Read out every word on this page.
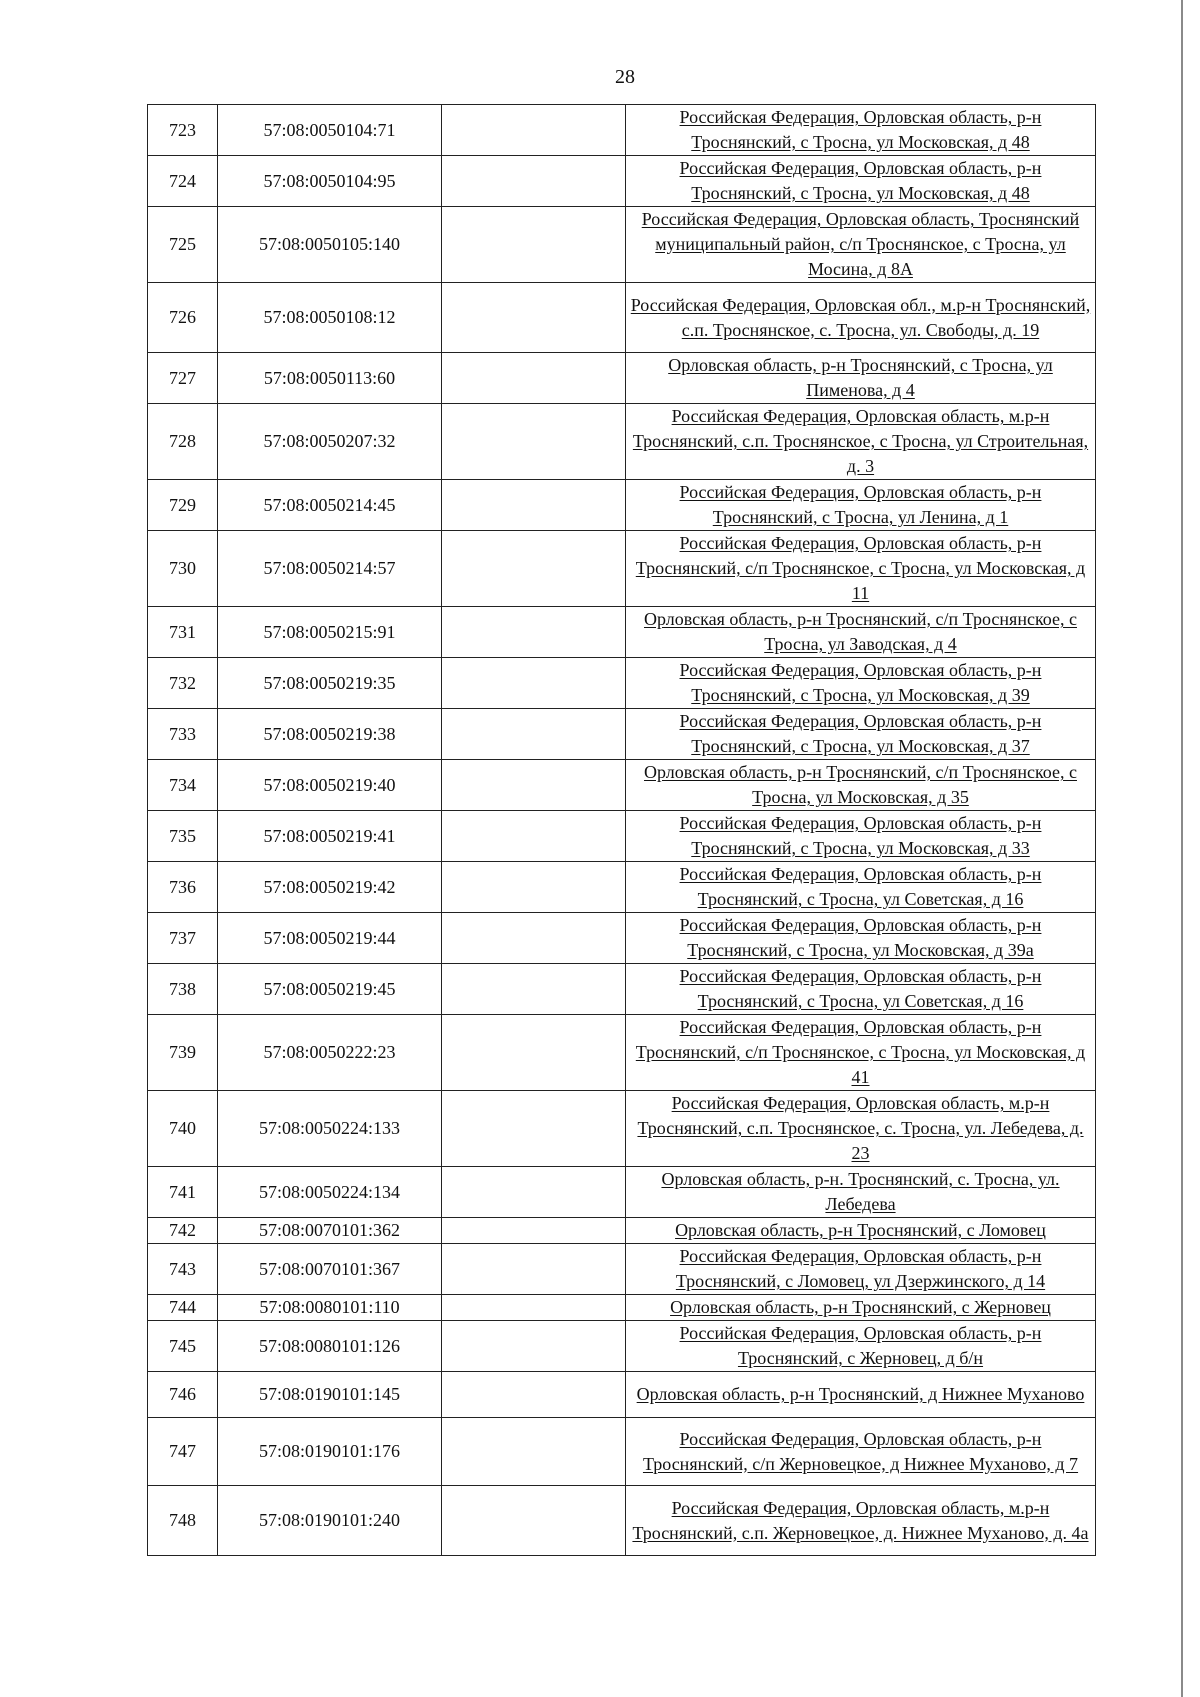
28
723	57:08:0050104:71		Российская Федерация, Орловская область, р-н Троснянский, с Тросна, ул Московская, д 48
724	57:08:0050104:95		Российская Федерация, Орловская область, р-н Троснянский, с Тросна, ул Московская, д 48
725	57:08:0050105:140		Российская Федерация, Орловская область, Троснянский муниципальный район, с/п Троснянское, с Тросна, ул Мосина, д 8А
726	57:08:0050108:12		Российская Федерация, Орловская обл., м.р-н Троснянский, с.п. Троснянское, с. Тросна, ул. Свободы, д. 19
727	57:08:0050113:60		Орловская область, р-н Троснянский, с Тросна, ул Пименова, д 4
728	57:08:0050207:32		Российская Федерация, Орловская область, м.р-н Троснянский, с.п. Троснянское, с Тросна, ул Строительная, д. 3
729	57:08:0050214:45		Российская Федерация, Орловская область, р-н Троснянский, с Тросна, ул Ленина, д 1
730	57:08:0050214:57		Российская Федерация, Орловская область, р-н Троснянский, с/п Троснянское, с Тросна, ул Московская, д 11
731	57:08:0050215:91		Орловская область, р-н Троснянский, с/п Троснянское, с Тросна, ул Заводская, д 4
732	57:08:0050219:35		Российская Федерация, Орловская область, р-н Троснянский, с Тросна, ул Московская, д 39
733	57:08:0050219:38		Российская Федерация, Орловская область, р-н Троснянский, с Тросна, ул Московская, д 37
734	57:08:0050219:40		Орловская область, р-н Троснянский, с/п Троснянское, с Тросна, ул Московская, д 35
735	57:08:0050219:41		Российская Федерация, Орловская область, р-н Троснянский, с Тросна, ул Московская, д 33
736	57:08:0050219:42		Российская Федерация, Орловская область, р-н Троснянский, с Тросна, ул Советская, д 16
737	57:08:0050219:44		Российская Федерация, Орловская область, р-н Троснянский, с Тросна, ул Московская, д 39а
738	57:08:0050219:45		Российская Федерация, Орловская область, р-н Троснянский, с Тросна, ул Советская, д 16
739	57:08:0050222:23		Российская Федерация, Орловская область, р-н Троснянский, с/п Троснянское, с Тросна, ул Московская, д 41
740	57:08:0050224:133		Российская Федерация, Орловская область, м.р-н Троснянский, с.п. Троснянское, с. Тросна, ул. Лебедева, д. 23
741	57:08:0050224:134		Орловская область, р-н. Троснянский, с. Тросна, ул. Лебедева
742	57:08:0070101:362		Орловская область, р-н Троснянский, с Ломовец
743	57:08:0070101:367		Российская Федерация, Орловская область, р-н Троснянский, с Ломовец, ул Дзержинского, д 14
744	57:08:0080101:110		Орловская область, р-н Троснянский, с Жерновец
745	57:08:0080101:126		Российская Федерация, Орловская область, р-н Троснянский, с Жерновец, д б/н
746	57:08:0190101:145		Орловская область, р-н Троснянский, д Нижнее Муханово
747	57:08:0190101:176		Российская Федерация, Орловская область, р-н Троснянский, с/п Жерновецкое, д Нижнее Муханово, д 7
748	57:08:0190101:240		Российская Федерация, Орловская область, м.р-н Троснянский, с.п. Жерновецкое, д. Нижнее Муханово, д. 4а
